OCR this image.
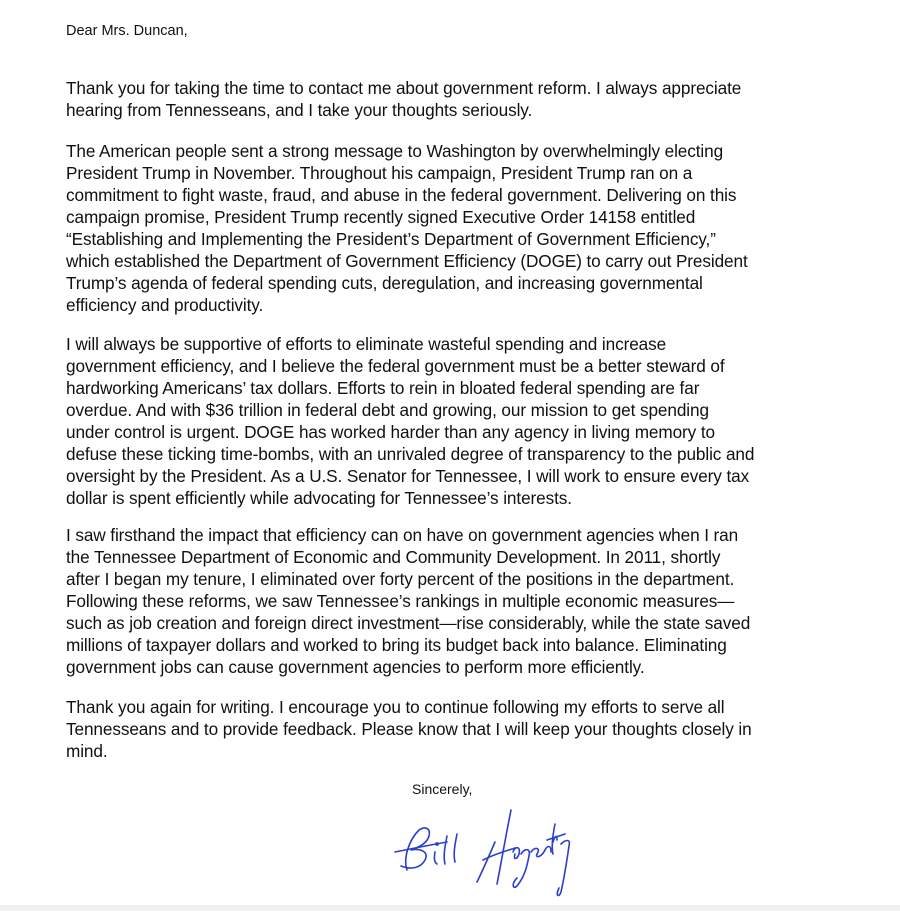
Dear Mrs. Duncan,

Thank you for taking the time to contact me about government reform. I always appreciate
hearing from Tennesseans, and I take your thoughts seriously.

The American people sent a strong message to Washington by overwhelmingly electing
President Trump in November. Throughout his campaign, President Trump ran on a
commitment to fight waste, fraud, and abuse in the federal government. Delivering on this
campaign promise, President Trump recently signed Executive Order 14158 entitled
“Establishing and Implementing the President’s Department of Government Efficiency,”
which established the Department of Government Efficiency (DOGE) to carry out President
Trump’s agenda of federal spending cuts, deregulation, and increasing governmental
efficiency and productivity.

I will always be supportive of efforts to eliminate wasteful spending and increase
government efficiency, and I believe the federal government must be a better steward of
hardworking Americans’ tax dollars. Efforts to rein in bloated federal spending are far
overdue. And with $36 trillion in federal debt and growing, our mission to get spending
under control is urgent. DOGE has worked harder than any agency in living memory to
defuse these ticking time-bombs, with an unrivaled degree of transparency to the public and
oversight by the President. As a U.S. Senator for Tennessee, I will work to ensure every tax
dollar is spent efficiently while advocating for Tennessee’s interests.

I saw firsthand the impact that efficiency can on have on government agencies when I ran
the Tennessee Department of Economic and Community Development. In 2011, shortly
after I began my tenure, I eliminated over forty percent of the positions in the department.
Following these reforms, we saw Tennessee’s rankings in multiple economic measures—
such as job creation and foreign direct investment—rise considerably, while the state saved
millions of taxpayer dollars and worked to bring its budget back into balance. Eliminating
government jobs can cause government agencies to perform more efficiently.

Thank you again for writing. I encourage you to continue following my efforts to serve all
Tennesseans and to provide feedback. Please know that I will keep your thoughts closely in
mind.

Sincerely,
